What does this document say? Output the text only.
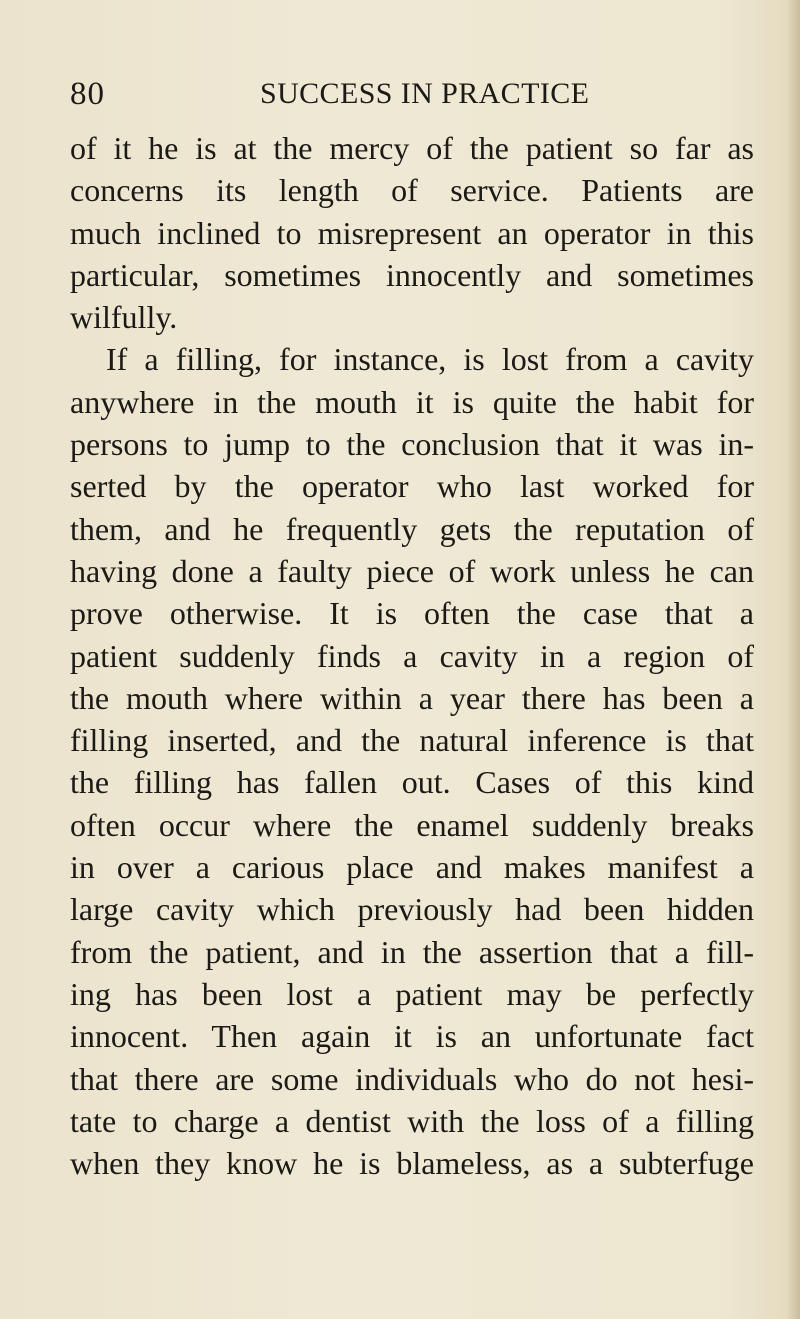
80	SUCCESS IN PRACTICE
of it he is at the mercy of the patient so far as
concerns its length of service. Patients are
much inclined to misrepresent an operator in this
particular, sometimes innocently and sometimes
wilfully.
If a filling, for instance, is lost from a cavity
anywhere in the mouth it is quite the habit for
persons to jump to the conclusion that it was in-
serted by the operator who last worked for
them, and he frequently gets the reputation of
having done a faulty piece of work unless he can
prove otherwise. It is often the case that a
patient suddenly finds a cavity in a region of
the mouth where within a year there has been a
filling inserted, and the natural inference is that
the filling has fallen out. Cases of this kind
often occur where the enamel suddenly breaks
in over a carious place and makes manifest a
large cavity which previously had been hidden
from the patient, and in the assertion that a fill-
ing has been lost a patient may be perfectly
innocent. Then again it is an unfortunate fact
that there are some individuals who do not hesi-
tate to charge a dentist with the loss of a filling
when they know he is blameless, as a subterfuge
